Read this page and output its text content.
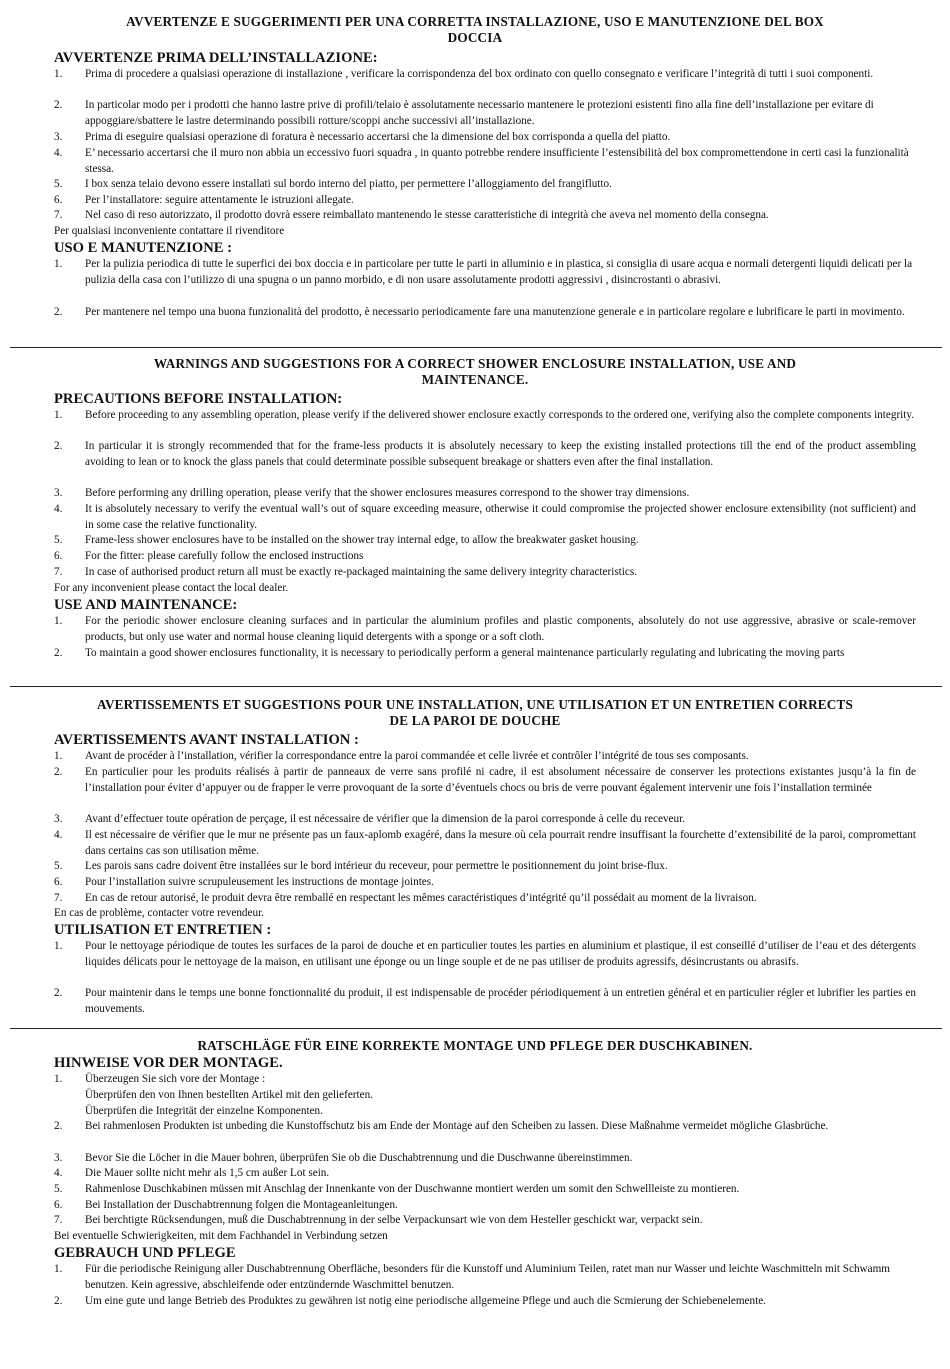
AVVERTENZE E SUGGERIMENTI PER UNA CORRETTA INSTALLAZIONE, USO E MANUTENZIONE DEL BOX
DOCCIA
AVVERTENZE PRIMA DELL’INSTALLAZIONE:
1.	Prima di procedere a qualsiasi operazione di installazione , verificare la corrispondenza del box ordinato con quello consegnato e verificare l’integrità di tutti i suoi componenti.
2.	In particolar modo per i prodotti che hanno lastre prive di profili/telaio è assolutamente necessario mantenere le protezioni esistenti fino alla fine dell’installazione per evitare di appoggiare/sbattere le lastre determinando possibili rotture/scoppi anche successivi all’installazione.
3.	Prima di eseguire qualsiasi operazione di foratura è necessario accertarsi che la dimensione del box corrisponda a quella del piatto.
4.	E’ necessario accertarsi che il muro non abbia un eccessivo fuori squadra , in quanto potrebbe rendere insufficiente l’estensibilità del box compromettendone in certi casi la funzionalità stessa.
5.	I box senza telaio devono essere installati sul bordo interno del piatto, per permettere l’alloggiamento del frangiflutto.
6.	Per l’installatore: seguire attentamente le istruzioni allegate.
7.	Nel caso di reso autorizzato, il prodotto dovrà essere reimballato mantenendo le stesse caratteristiche di integrità che aveva nel momento della consegna.
Per qualsiasi inconveniente contattare il rivenditore
USO E MANUTENZIONE :
1.	Per la pulizia periodica di tutte le superfici dei box doccia e in particolare per tutte le parti in alluminio e in plastica, si consiglia di usare acqua e normali detergenti liquidi delicati per la pulizia della casa con l’utilizzo di una spugna o un panno morbido, e di non usare assolutamente prodotti aggressivi , disincrostanti o abrasivi.
2.	Per mantenere nel tempo una buona funzionalità del prodotto, è necessario periodicamente fare una manutenzione generale e in particolare regolare e lubrificare le parti in movimento.
WARNINGS AND SUGGESTIONS FOR A CORRECT SHOWER ENCLOSURE INSTALLATION, USE AND
MAINTENANCE.
PRECAUTIONS BEFORE INSTALLATION:
1.	Before proceeding to any assembling operation, please verify if the delivered shower enclosure exactly corresponds to the ordered one, verifying also the complete components integrity.
2.	In particular it is strongly recommended that for the frame-less products it is absolutely necessary to keep the existing installed protections till the end of the product assembling avoiding to lean or to knock the glass panels that could determinate possible subsequent breakage or shatters even after the final installation.
3.	Before performing any drilling operation, please verify that the shower enclosures measures correspond to the shower tray dimensions.
4.	It is absolutely necessary to verify the eventual wall’s out of square exceeding measure, otherwise it could compromise the projected shower enclosure extensibility (not sufficient) and in some case the relative functionality.
5.	Frame-less shower enclosures have to be installed on the shower tray internal edge, to allow the breakwater gasket housing.
6.	For the fitter: please carefully follow the enclosed instructions
7.	In case of authorised product return all must be exactly re-packaged maintaining the same delivery integrity characteristics.
For any inconvenient please contact the local dealer.
USE AND MAINTENANCE:
1.	For the periodic shower enclosure cleaning surfaces and in particular the aluminium profiles and plastic components, absolutely do not use aggressive, abrasive or scale-remover products, but only use water and normal house cleaning liquid detergents with a sponge or a soft cloth.
2.	To maintain a good shower enclosures functionality, it is necessary to periodically perform a general maintenance particularly regulating and lubricating the moving parts
AVERTISSEMENTS ET SUGGESTIONS POUR UNE INSTALLATION, UNE UTILISATION ET UN ENTRETIEN CORRECTS
DE LA PAROI DE DOUCHE
AVERTISSEMENTS AVANT INSTALLATION :
1.	Avant de procéder à l’installation, vérifier la correspondance entre la paroi commandée et celle livrée et contrôler l’intégrité de tous ses composants.
2.	En particulier pour les produits réalisés à partir de panneaux de verre sans profilé ni cadre, il est absolument nécessaire de conserver les protections existantes jusqu’à la fin de l’installation pour éviter d’appuyer ou de frapper le verre provoquant de la sorte d’éventuels chocs ou bris de verre pouvant également intervenir une fois l’installation terminée
3.	Avant d’effectuer toute opération de perçage, il est nécessaire de vérifier que la dimension de la paroi corresponde à celle du receveur.
4.	Il est nécessaire de vérifier que le mur ne présente pas un faux-aplomb exagéré, dans la mesure où cela pourrait rendre insuffisant la fourchette d’extensibilité de la paroi, compromettant dans certains cas son utilisation même.
5.	Les parois sans cadre doivent être installées sur le bord intérieur du receveur, pour permettre le positionnement du joint brise-flux.
6.	Pour l’installation suivre scrupuleusement les instructions de montage jointes.
7.	En cas de retour autorisé, le produit devra être remballé en respectant les mêmes caractéristiques d’intégrité qu’il possédait au moment de la livraison.
En cas de problème, contacter votre revendeur.
UTILISATION ET ENTRETIEN :
1.	Pour le nettoyage périodique de toutes les surfaces de la paroi de douche et en particulier toutes les parties en aluminium et plastique, il est conseillé d’utiliser de l’eau et des détergents liquides délicats pour le nettoyage de la maison, en utilisant une éponge ou un linge souple et de ne pas utiliser de produits agressifs, désincrustants ou abrasifs.
2.	Pour maintenir dans le temps une bonne fonctionnalité du produit, il est indispensable de procéder périodiquement à un entretien général et en particulier régler et lubrifier les parties en mouvements.
RATSCHLÄGE FÜR EINE KORREKTE MONTAGE UND PFLEGE DER DUSCHKABINEN.
HINWEISE VOR DER MONTAGE.
1.	Überzeugen Sie sich vore der Montage :
Überprüfen den von Ihnen bestellten Artikel mit den gelieferten.
Überprüfen die Integrität der einzelne Komponenten.
2.	Bei rahmenlosen Produkten ist unbeding die Kunstoffschutz bis am Ende der Montage auf den Scheiben zu lassen. Diese Maßnahme vermeidet mögliche Glasbrüche.
3.	Bevor Sie die Löcher in die Mauer bohren, überprüfen Sie ob die Duschabtrennung und die Duschwanne übereinstimmen.
4.	Die Mauer sollte nicht mehr als 1,5 cm außer Lot sein.
5.	Rahmenlose Duschkabinen müssen mit Anschlag der Innenkante von der Duschwanne montiert werden um somit den Schwellleiste zu montieren.
6.	Bei Installation der Duschabtrennung folgen die Montageanleitungen.
7.	Bei berchtigte Rücksendungen, muß die Duschabtrennung in der selbe Verpackunsart wie von dem Hesteller geschickt war, verpackt sein.
Bei eventuelle Schwierigkeiten, mit dem Fachhandel in Verbindung setzen
GEBRAUCH UND PFLEGE
1.	Für die periodische Reinigung aller Duschabtrennung Oberfläche, besonders für die Kunstoff und Aluminium Teilen, ratet man nur Wasser und leichte Waschmitteln mit Schwamm benutzen. Kein agressive, abschleifende oder entzündernde Waschmittel benutzen.
2.	Um eine gute und lange Betrieb des Produktes zu gewähren ist notig eine periodische allgemeine Pflege und auch die Scmierung der Schiebenelemente.
